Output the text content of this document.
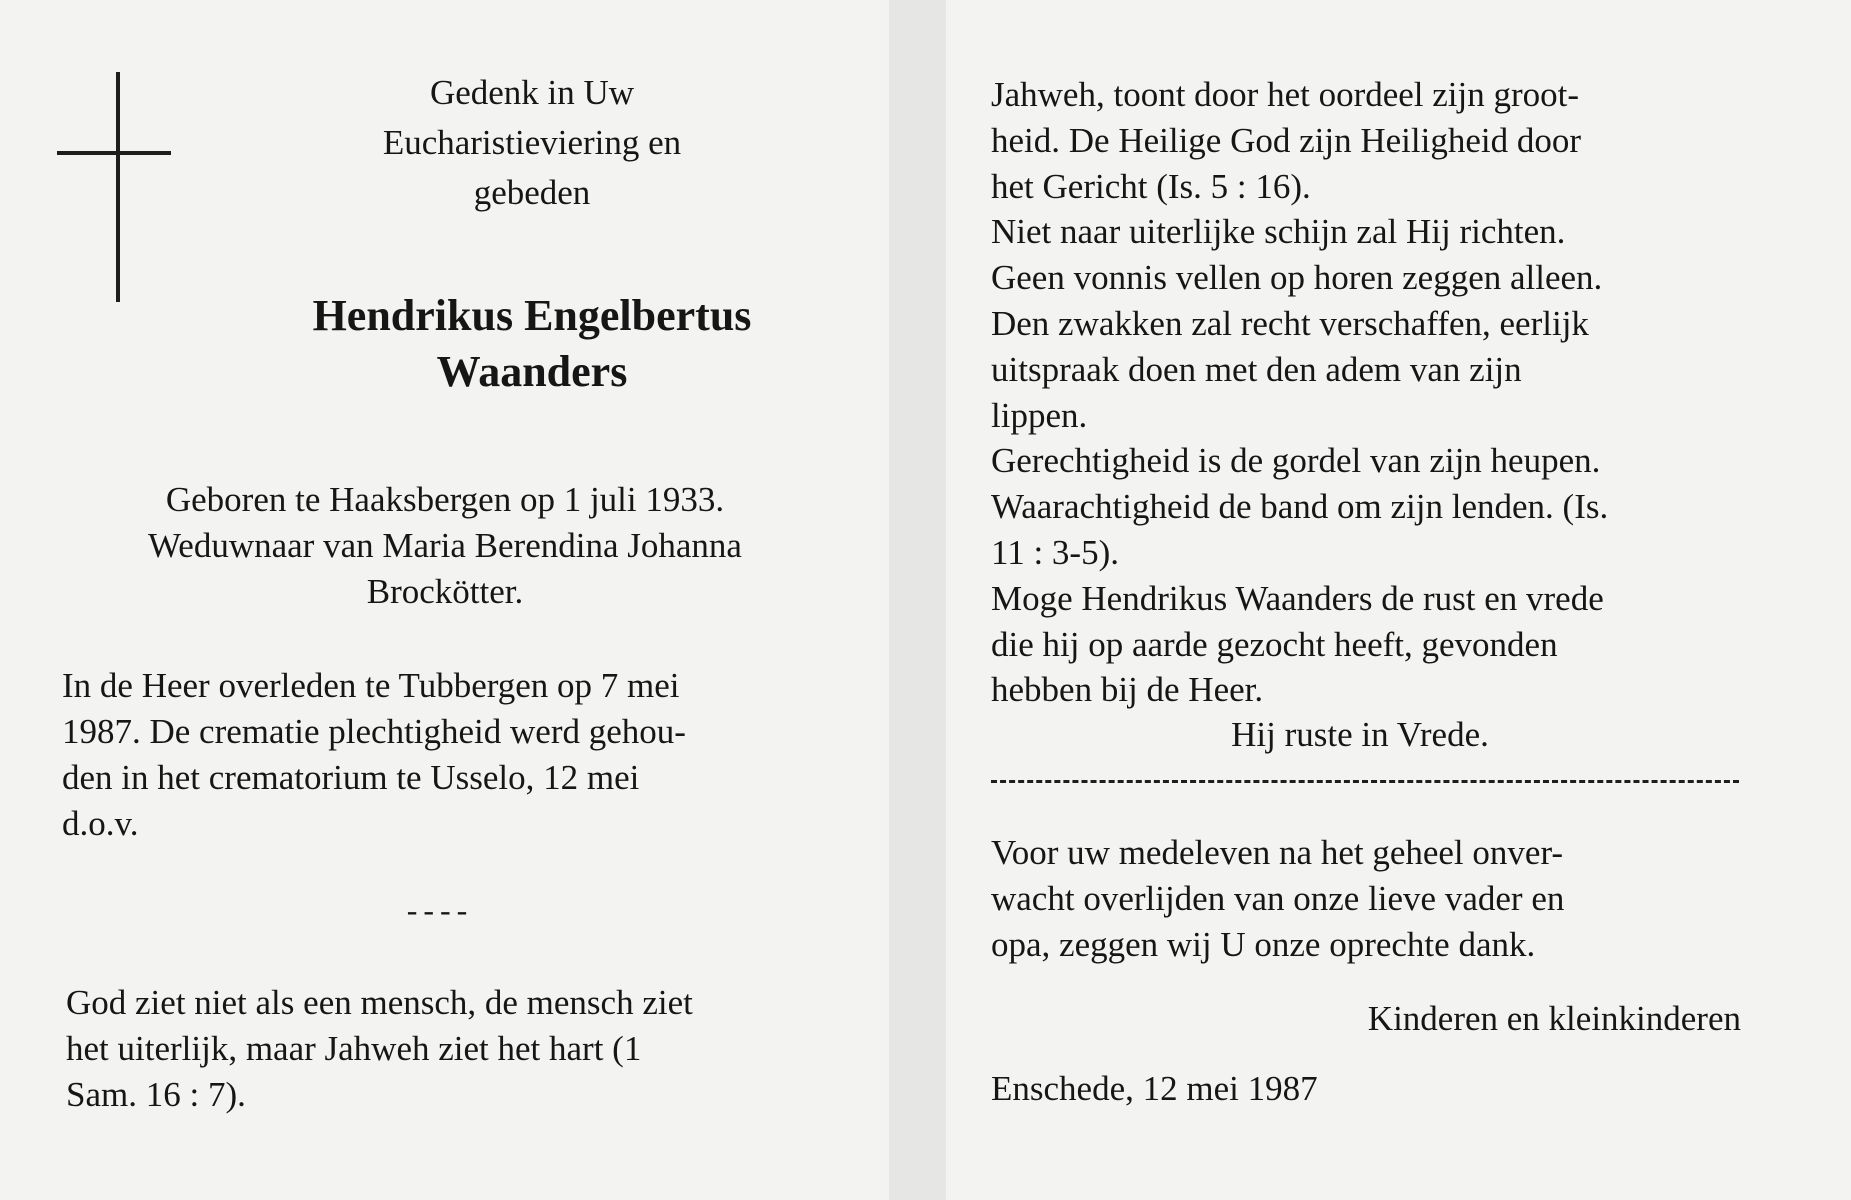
Gedenk in Uw
Eucharistieviering en
gebeden
Hendrikus Engelbertus
Waanders
Geboren te Haaksbergen op 1 juli 1933.
Weduwnaar van Maria Berendina Johanna
Brockötter.
In de Heer overleden te Tubbergen op 7 mei
1987. De crematie plechtigheid werd gehou-
den in het crematorium te Usselo, 12 mei
d.o.v.
----
God ziet niet als een mensch, de mensch ziet
het uiterlijk, maar Jahweh ziet het hart (1
Sam. 16 : 7).
Jahweh, toont door het oordeel zijn groot-
heid. De Heilige God zijn Heiligheid door
het Gericht (Is. 5 : 16).
Niet naar uiterlijke schijn zal Hij richten.
Geen vonnis vellen op horen zeggen alleen.
Den zwakken zal recht verschaffen, eerlijk
uitspraak doen met den adem van zijn
lippen.
Gerechtigheid is de gordel van zijn heupen.
Waarachtigheid de band om zijn lenden. (Is.
11 : 3-5).
Moge Hendrikus Waanders de rust en vrede
die hij op aarde gezocht heeft, gevonden
hebben bij de Heer.
Hij ruste in Vrede.
Voor uw medeleven na het geheel onver-
wacht overlijden van onze lieve vader en
opa, zeggen wij U onze oprechte dank.
Kinderen en kleinkinderen
Enschede, 12 mei 1987
